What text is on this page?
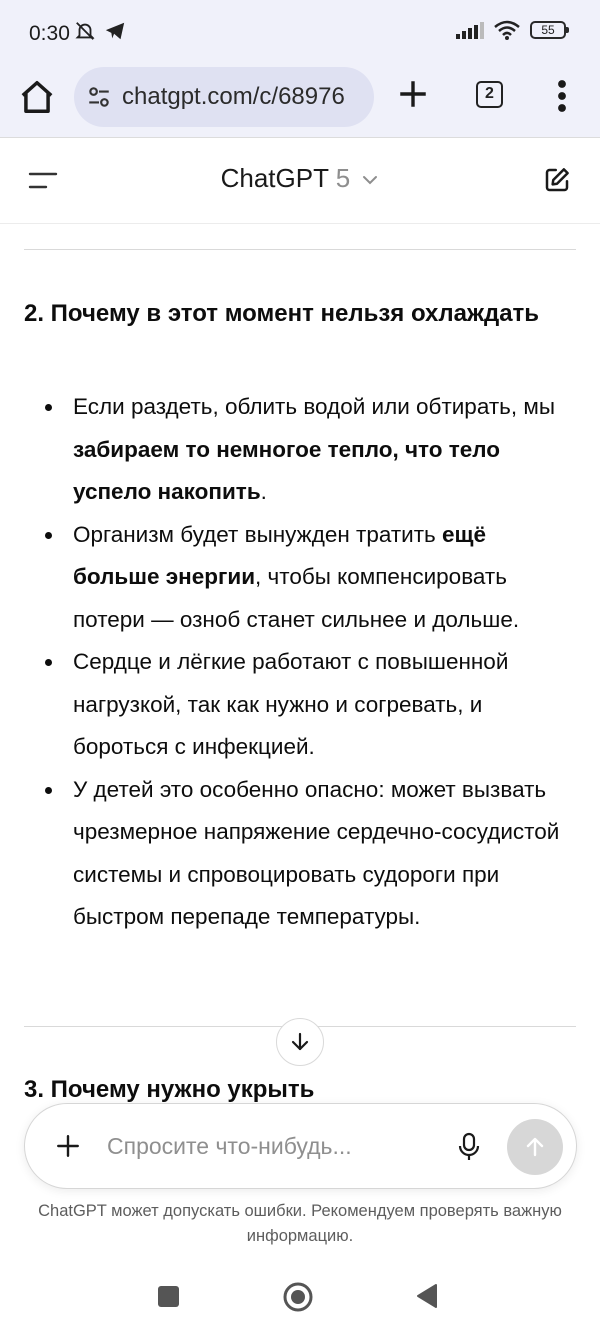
0:30	55
chatgpt.com/c/68976	2
ChatGPT 5
2. Почему в этот момент нельзя охлаждать
Если раздеть, облить водой или обтирать, мы забираем то немногое тепло, что тело успело накопить.
Организм будет вынужден тратить ещё больше энергии, чтобы компенсировать потери — озноб станет сильнее и дольше.
Сердце и лёгкие работают с повышенной нагрузкой, так как нужно и согревать, и бороться с инфекцией.
У детей это особенно опасно: может вызвать чрезмерное напряжение сердечно-сосудистой системы и спровоцировать судороги при быстром перепаде температуры.
3. Почему нужно укрыть
Спросите что-нибудь...
ChatGPT может допускать ошибки. Рекомендуем проверять важную информацию.
